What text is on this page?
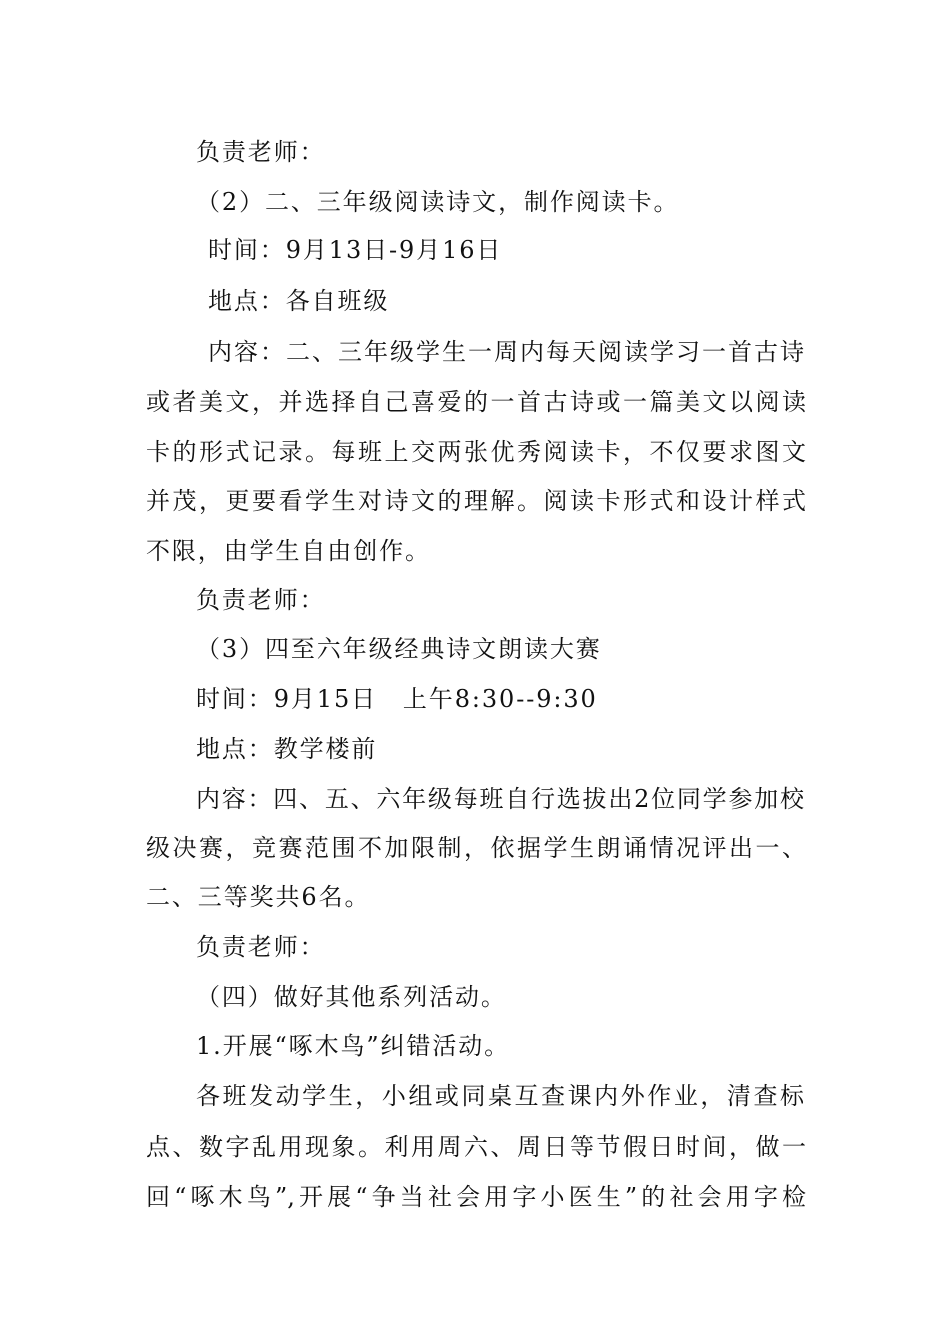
负责老师：
（2）二、三年级阅读诗文，制作阅读卡。
时间：9月13日-9月16日
地点：各自班级
内容：二、三年级学生一周内每天阅读学习一首古诗
或者美文，并选择自己喜爱的一首古诗或一篇美文以阅读
卡的形式记录。每班上交两张优秀阅读卡，不仅要求图文
并茂，更要看学生对诗文的理解。阅读卡形式和设计样式
不限，由学生自由创作。
负责老师：
（3）四至六年级经典诗文朗读大赛
时间：9月15日　上午8:30--9:30
地点：教学楼前
内容：四、五、六年级每班自行选拔出2位同学参加校
级决赛，竞赛范围不加限制，依据学生朗诵情况评出一、
二、三等奖共6名。
负责老师：
（四）做好其他系列活动。
1.开展“啄木鸟”纠错活动。
各班发动学生，小组或同桌互查课内外作业，清查标
点、数字乱用现象。利用周六、周日等节假日时间，做一
回“啄木鸟”,开展“争当社会用字小医生”的社会用字检
